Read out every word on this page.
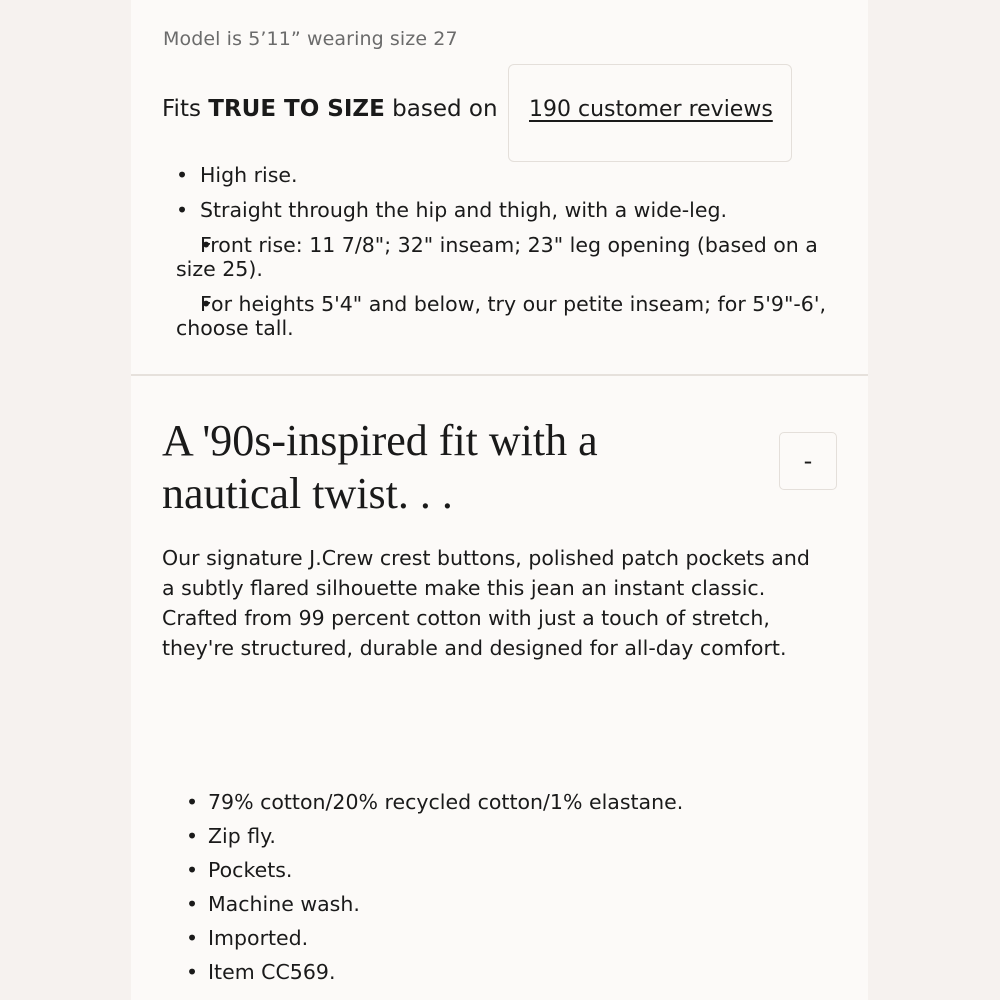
Model is 5’11” wearing size 27
Fits TRUE TO SIZE based on 190 customer reviews
• High rise.
• Straight through the hip and thigh, with a wide-leg.
• Front rise: 11 7/8"; 32" inseam; 23" leg opening (based on a size 25).
• For heights 5'4" and below, try our petite inseam; for 5'9"-6', choose tall.
A '90s-inspired fit with a nautical twist. . .
-

Our signature J.Crew crest buttons, polished patch pockets and a subtly flared silhouette make this jean an instant classic. Crafted from 99 percent cotton with just a touch of stretch, they're structured, durable and designed for all-day comfort.

• 79% cotton/20% recycled cotton/1% elastane.
• Zip fly.
• Pockets.
• Machine wash.
• Imported.
• Item CC569.
